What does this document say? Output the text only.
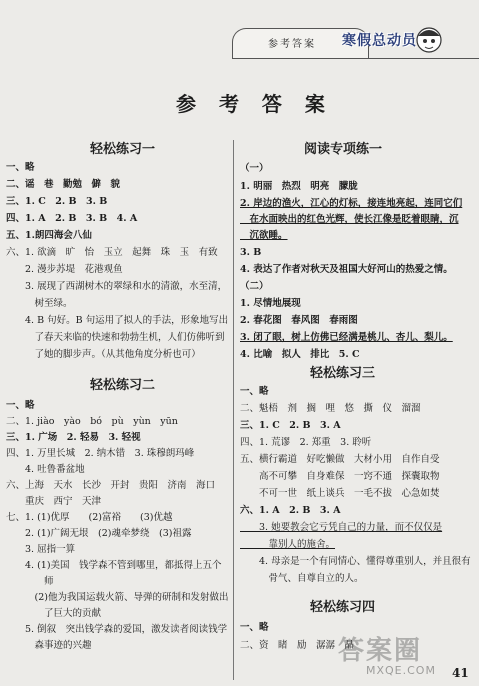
参考答案 寒假总动员
参 考 答 案
轻松练习一
一、略
二、谣　巷　勤勉　僻　貌　　　　　
三、1. C　2. B　3. B
四、1. A　2. B　3. B　4. A
五、1.朗四海会八仙
六、1. 欲滴　旷　怡　玉立　起舞　珠　玉　有致
　　2. 漫步苏堤　花港观鱼
　　3. 展现了西湖树木的翠绿和水的清澈，水至清，
　　　树至绿。
　　4. B 句好。B 句运用了拟人的手法，形象地写出
　　　了春天来临的快速和勃勃生机，人们仿佛听到
　　　了她的脚步声。（从其他角度分析也可）
轻松练习二
一、略
二、1. jiào　yào　bó　pù　yùn　yūn
三、1. 广场　2. 轻易　3. 轻视
四、1. 万里长城　2. 纳木错　3. 珠穆朗玛峰
　　4. 吐鲁番盆地
六、上海　天水　长沙　开封　贵阳　济南　海口
　　重庆　西宁　天津
七、1. (1)优厚　　(2)富裕　　(3)优越
　　2. (1)广阔无垠　(2)魂牵梦绕　(3)祖露
　　3. 屈指一算
　　4. (1)美国　钱学森不管到哪里，都抵得上五个
　　　　师
　　　(2)他为我国运载火箭、导弹的研制和发射做出
　　　　了巨大的贡献
　　5. 倒叙　突出钱学森的爱国，激发读者阅读钱学
　　　森事迹的兴趣
阅读专项练一
（一）
1. 明丽　热烈　明亮　朦胧
2. 岸边的渔火，江心的灯标，接连地亮起，连同它们
　在水面映出的红色光辉，使长江像是眨着眼睛，沉
　沉欲睡。
3. B
4. 表达了作者对秋天及祖国大好河山的热爱之情。
（二）
1. 尽情地展现
2. 春花图　春风图　春雨图
3. 闭了眼，树上仿佛已经满是桃儿、杏儿、梨儿。
4. 比喻　拟人　排比　5. C
轻松练习三
一、略
二、魁梧　剂　搁　哩　悠　撕　仪　溜溜
三、1. C　2. B　3. A
四、1. 荒谬　2. 郑重　3. 聆听
五、横行霸道　好吃懒做　大材小用　自作自受
　　高不可攀　自身难保　一窍不通　探囊取物
　　不可一世　纸上谈兵　一毛不拔　心急如焚
六、1. A　2. B　3. A
　　3. 她要教会它亏凭自己的力量，而不仅仅是
　　　靠别人的施舍。
　　4. 母亲是一个有同情心、懂得尊重别人，并且很有
　　　骨气、自尊自立的人。
轻松练习四
一、略
二、资　睹　励　潺潺　晶
答案圈
MXQE.COM 41
